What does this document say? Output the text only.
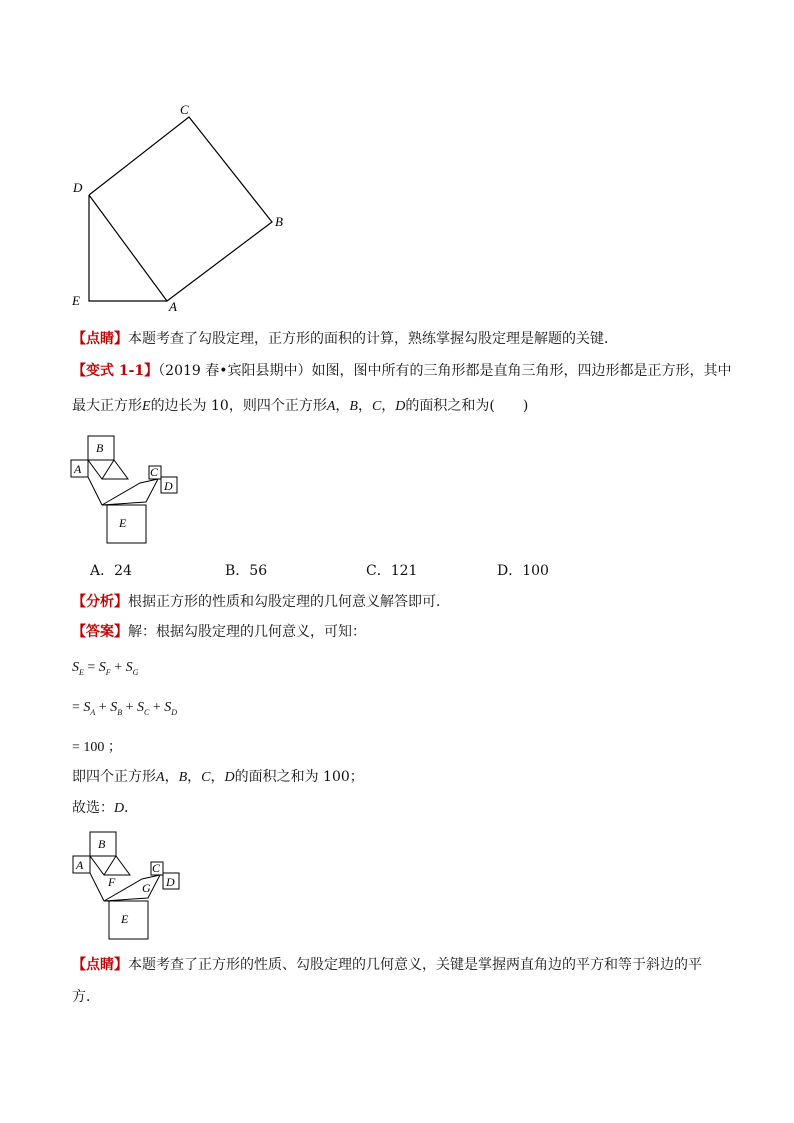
C
D
B
E	A
【点睛】本题考查了勾股定理，正方形的面积的计算，熟练掌握勾股定理是解题的关键．
【变式 1-1】（2019 春•宾阳县期中）如图，图中所有的三角形都是直角三角形，四边形都是正方形，其中
最大正方形E的边长为 10，则四个正方形A，B，C，D的面积之和为(　　)
B
A	C
D
E
A．24	B．56	C．121	D．100
【分析】根据正方形的性质和勾股定理的几何意义解答即可．
【答案】解：根据勾股定理的几何意义，可知：
$S_E = S_F + S_G$
= $S_A + S_B + S_C + S_D$
= 100 ；
即四个正方形A，B，C，D的面积之和为 100；
故选：D．
B
A
F
C
G D
E
【点睛】本题考查了正方形的性质、勾股定理的几何意义，关键是掌握两直角边的平方和等于斜边的平
方．
